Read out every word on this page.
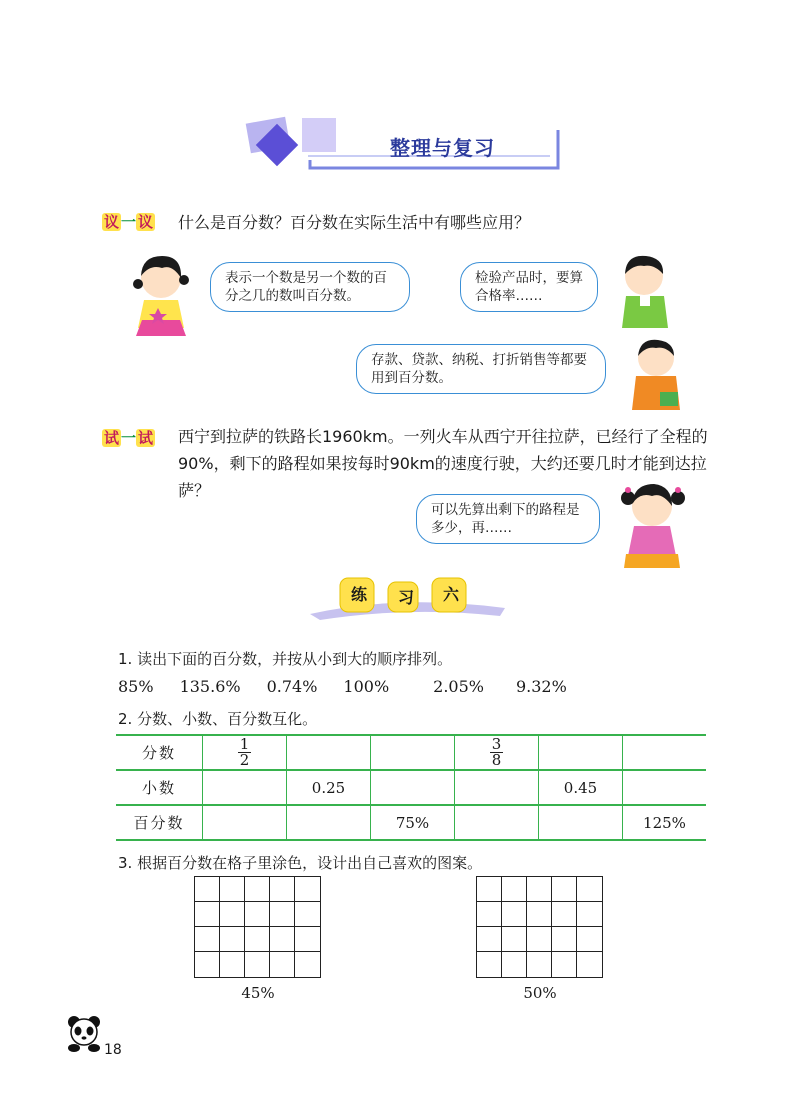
整理与复习
议 一 议	什么是百分数？百分数在实际生活中有哪些应用？
表示一个数是另一个数的百分之几的数叫百分数。
检验产品时，要算合格率……
存款、贷款、纳税、打折销售等都要用到百分数。
试 一 试	西宁到拉萨的铁路长1960km。一列火车从西宁开往拉萨，已经行了全程的90%，剩下的路程如果按每时90km的速度行驶，大约还要几时才能到达拉萨？
可以先算出剩下的路程是多少，再……
练 习 六
1. 读出下面的百分数，并按从小到大的顺序排列。
85% 135.6% 0.74% 100%	2.05% 9.32%
2. 分数、小数、百分数互化。
分数	$\frac{1}{2}$			$\frac{3}{8}$

小数		0.25			0.45	
百分数			75%			125%
3. 根据百分数在格子里涂色，设计出自己喜欢的图案。
45%	50%
18
